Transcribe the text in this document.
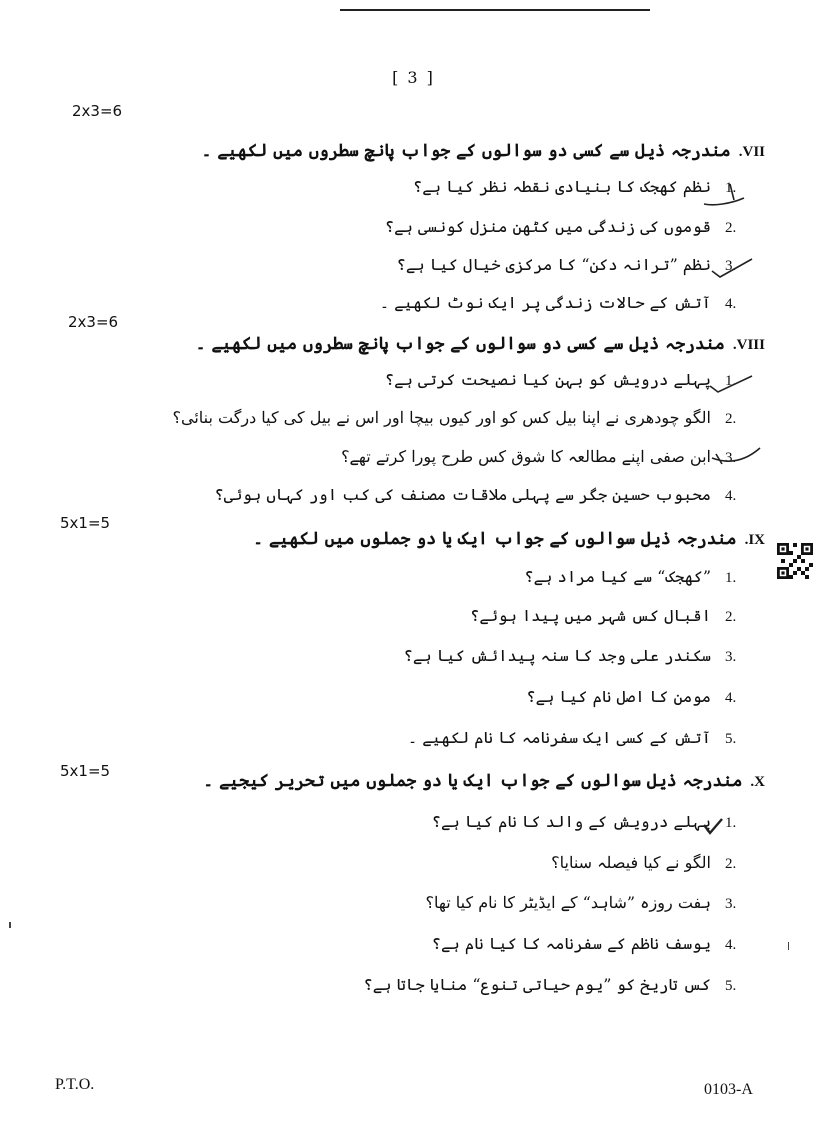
[ 3 ]
2x3=6
VII.
مندرجہ ذیل سے کسی دو سوالوں کے جواب پانچ سطروں میں لکھیے ۔
1.
نظم کھجک کا بنیادی نقطہ نظر کیا ہے؟
2.
قوموں کی زندگی میں کٹھن منزل کونسی ہے؟
3.
نظم ”ترانہ دکن“ کا مرکزی خیال کیا ہے؟
4.
آتش کے حالات زندگی پر ایک نوٹ لکھیے ۔
2x3=6
VIII.
مندرجہ ذیل سے کسی دو سوالوں کے جواب پانچ سطروں میں لکھیے ۔
1.
پہلے درویش کو بہن کیا نصیحت کرتی ہے؟
2.
الگو چودھری نے اپنا بیل کس کو اور کیوں بیچا اور اس نے بیل کی کیا درگت بنائی؟
3.
ابن صفی اپنے مطالعہ کا شوق کس طرح پورا کرتے تھے؟
4.
محبوب حسین جگر سے پہلی ملاقات مصنف کی کب اور کہاں ہوئی؟
5x1=5
IX.
مندرجہ ذیل سوالوں کے جواب ایک یا دو جملوں میں لکھیے ۔
1.
”کھجک“ سے کیا مراد ہے؟
2.
اقبال کس شہر میں پیدا ہوئے؟
3.
سکندر علی وجد کا سنہ پیدائش کیا ہے؟
4.
مومن کا اصل نام کیا ہے؟
5.
آتش کے کسی ایک سفرنامہ کا نام لکھیے ۔
5x1=5
X.
مندرجہ ذیل سوالوں کے جواب ایک یا دو جملوں میں تحریر کیجیے ۔
1.
پہلے درویش کے والد کا نام کیا ہے؟
2.
الگو نے کیا فیصلہ سنایا؟
3.
ہفت روزہ ”شاہد“ کے ایڈیٹر کا نام کیا تھا؟
4.
یوسف ناظم کے سفرنامہ کا کیا نام ہے؟
5.
کس تاریخ کو ”یوم حیاتی تنوع“ منایا جاتا ہے؟
P.T.O.	0103-A
